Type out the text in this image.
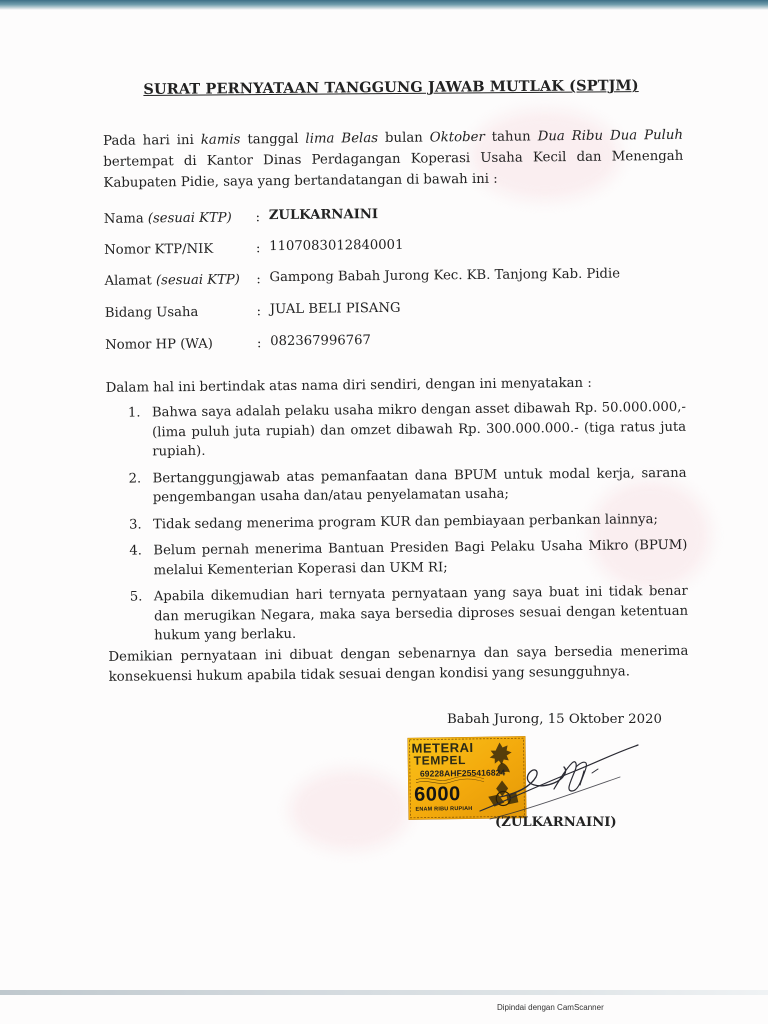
SURAT PERNYATAAN TANGGUNG JAWAB MUTLAK (SPTJM)

Pada hari ini kamis tanggal lima Belas bulan Oktober tahun Dua Ribu Dua Puluh bertempat di Kantor Dinas Perdagangan Koperasi Usaha Kecil dan Menengah Kabupaten Pidie, saya yang bertandatangan di bawah ini :

Nama (sesuai KTP) : ZULKARNAINI
Nomor KTP/NIK	: 1107083012840001
Alamat (sesuai KTP) : Gampong Babah Jurong Kec. KB. Tanjong Kab. Pidie
Bidang Usaha	: JUAL BELI PISANG
Nomor HP (WA)	: 082367996767
Dalam hal ini bertindak atas nama diri sendiri, dengan ini menyatakan :
1. Bahwa saya adalah pelaku usaha mikro dengan asset dibawah Rp. 50.000.000,- (lima puluh juta rupiah) dan omzet dibawah Rp. 300.000.000.- (tiga ratus juta rupiah).
2. Bertanggungjawab atas pemanfaatan dana BPUM untuk modal kerja, sarana pengembangan usaha dan/atau penyelamatan usaha;
3. Tidak sedang menerima program KUR dan pembiayaan perbankan lainnya;
4. Belum pernah menerima Bantuan Presiden Bagi Pelaku Usaha Mikro (BPUM) melalui Kementerian Koperasi dan UKM RI;
5. Apabila dikemudian hari ternyata pernyataan yang saya buat ini tidak benar dan merugikan Negara, maka saya bersedia diproses sesuai dengan ketentuan hukum yang berlaku.

Demikian pernyataan ini dibuat dengan sebenarnya dan saya bersedia menerima konsekuensi hukum apabila tidak sesuai dengan kondisi yang sesungguhnya.

Babah Jurong, 15 Oktober 2020
METERAI
TEMPEL
69228AHF255416824
6000
ENAM RIBU RUPIAH
(ZULKARNAINI)
Dipindai dengan CamScanner
